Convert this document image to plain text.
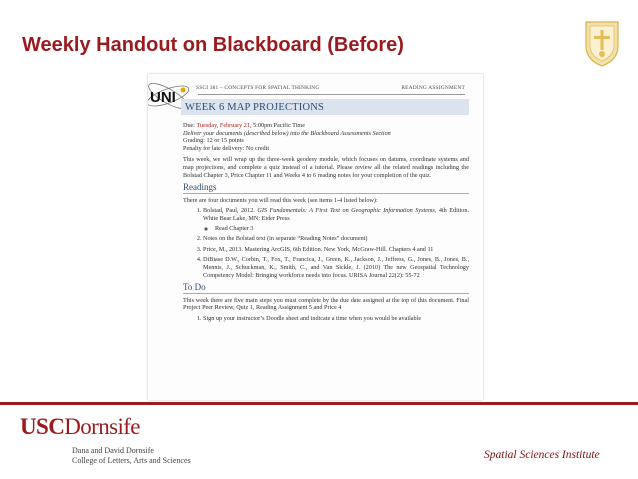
Weekly Handout on Blackboard (Before)
UNI
SSCI 381 – CONCEPTS FOR SPATIAL THINKING	READING ASSIGNMENT
WEEK 6 MAP PROJECTIONS
Due: Tuesday, February 21, 5:00pm Pacific Time
Deliver your documents (described below) into the Blackboard Assessments Section
Grading: 12 or 15 points
Penalty for late delivery: No credit
This week, we will wrap up the three-week geodesy module, which focuses on datums, coordinate systems and map projections, and complete a quiz instead of a tutorial. Please review all the related readings including the Bolstad Chapter 3, Price Chapter 11 and Weeks 4 to 6 reading notes for your completion of the quiz.
Readings
There are four documents you will read this week (see items 1-4 listed below):
1. Bolstad, Paul, 2012. GIS Fundamentals: A First Text on Geographic Information Systems, 4th Edition. White Bear Lake, MN: Eider Press
◦ Read Chapter 3
2. Notes on the Bolstad text (in separate “Reading Notes” document)
3. Price, M., 2013. Mastering ArcGIS, 6th Edition. New York, McGraw-Hill. Chapters 4 and 11
4. DiBiase D.W., Corbin, T., Fox, T., Francica, J., Green, K., Jackson, J., Jeffress, G., Jones, B., Jones, B., Mennis, J., Schuckman, K., Smith, C., and Van Sickle, J. (2010) The new Geospatial Technology Competency Model: Bringing workforce needs into focus. URISA Journal 22(2): 55-72
To Do
This week there are five main steps you must complete by the due date assigned at the top of this document. Final Project Peer Review, Quiz 1, Reading Assignment 5 and Price 4
1. Sign up your instructor’s Doodle sheet and indicate a time when you would be available
USCDornsife
Dana and David Dornsife
College of Letters, Arts and Sciences	Spatial Sciences Institute
